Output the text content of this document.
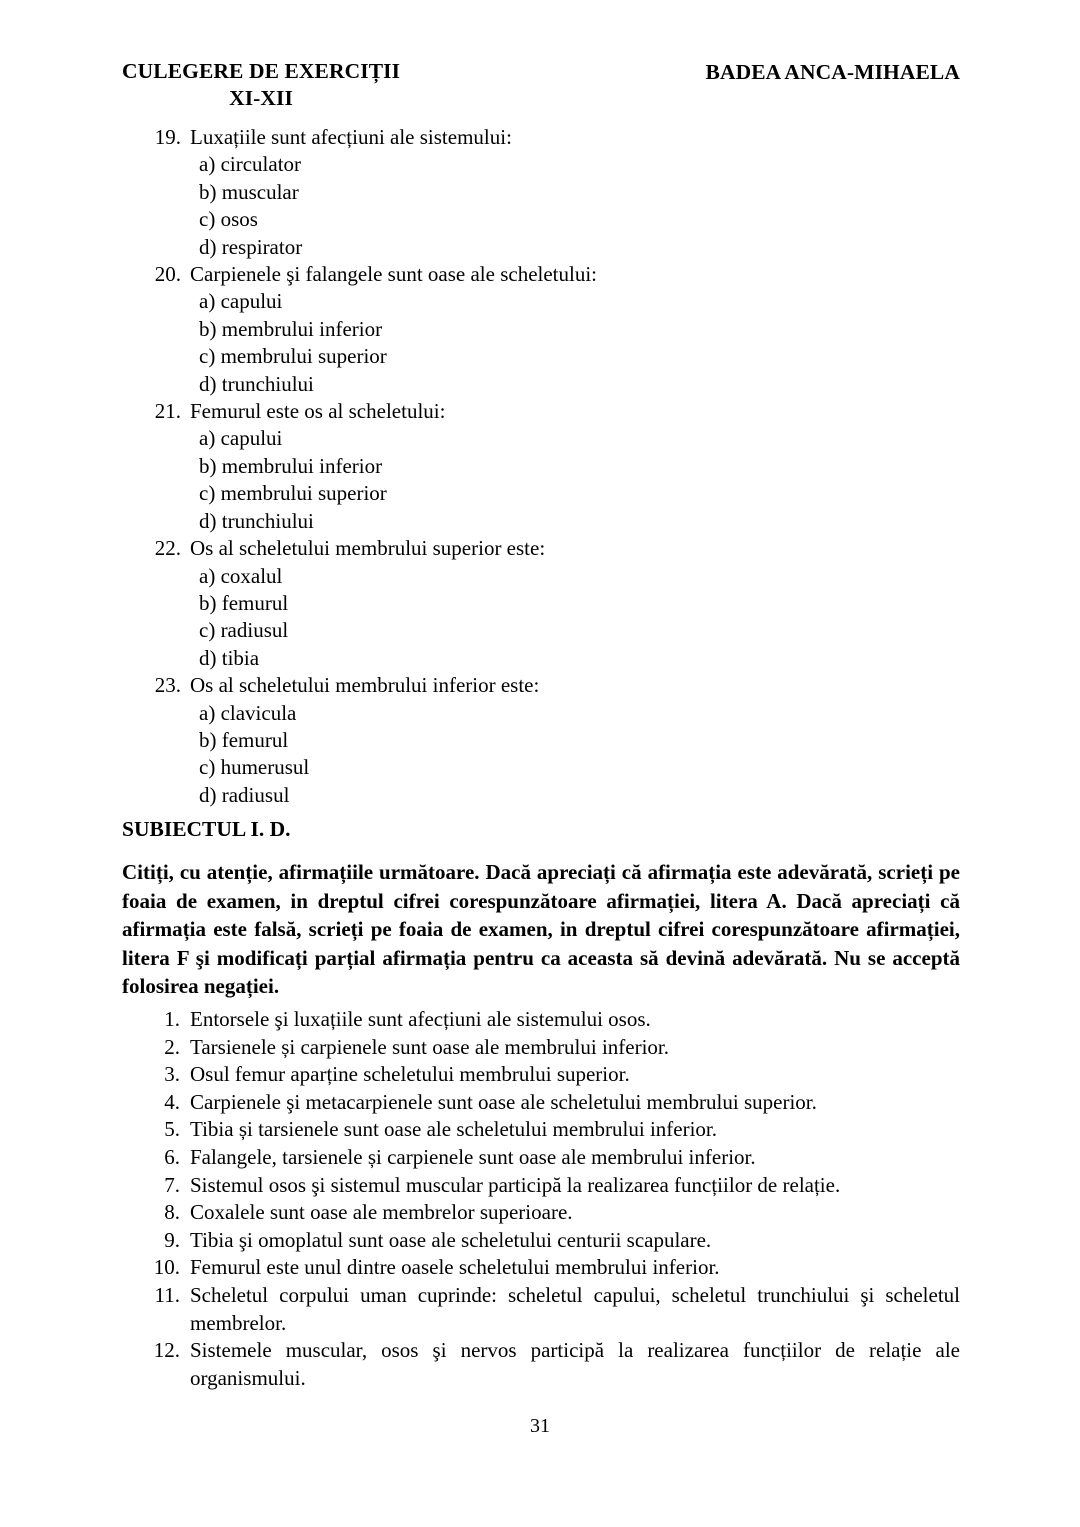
CULEGERE DE EXERCIȚII
XI-XII
BADEA ANCA-MIHAELA
19. Luxațiile sunt afecțiuni ale sistemului:
a) circulator
b) muscular
c) osos
d) respirator
20. Carpienele şi falangele sunt oase ale scheletului:
a) capului
b) membrului inferior
c) membrului superior
d) trunchiului
21. Femurul este os al scheletului:
a) capului
b) membrului inferior
c) membrului superior
d) trunchiului
22. Os al scheletului membrului superior este:
a) coxalul
b) femurul
c) radiusul
d) tibia
23. Os al scheletului membrului inferior este:
a) clavicula
b) femurul
c) humerusul
d) radiusul
SUBIECTUL I. D.
Citiți, cu atenție, afirmațiile următoare. Dacă apreciați că afirmația este adevărată, scrieți pe foaia de examen, in dreptul cifrei corespunzătoare afirmației, litera A. Dacă apreciați că afirmația este falsă, scrieți pe foaia de examen, in dreptul cifrei corespunzătoare afirmației, litera F şi modificați parțial afirmația pentru ca aceasta să devină adevărată. Nu se acceptă folosirea negației.
1. Entorsele şi luxațiile sunt afecțiuni ale sistemului osos.
2. Tarsienele și carpienele sunt oase ale membrului inferior.
3. Osul femur aparține scheletului membrului superior.
4. Carpienele şi metacarpienele sunt oase ale scheletului membrului superior.
5. Tibia și tarsienele sunt oase ale scheletului membrului inferior.
6. Falangele, tarsienele și carpienele sunt oase ale membrului inferior.
7. Sistemul osos şi sistemul muscular participă la realizarea funcțiilor de relație.
8. Coxalele sunt oase ale membrelor superioare.
9. Tibia şi omoplatul sunt oase ale scheletului centurii scapulare.
10. Femurul este unul dintre oasele scheletului membrului inferior.
11. Scheletul corpului uman cuprinde: scheletul capului, scheletul trunchiului şi scheletul membrelor.
12. Sistemele muscular, osos şi nervos participă la realizarea funcțiilor de relație ale organismului.
31
